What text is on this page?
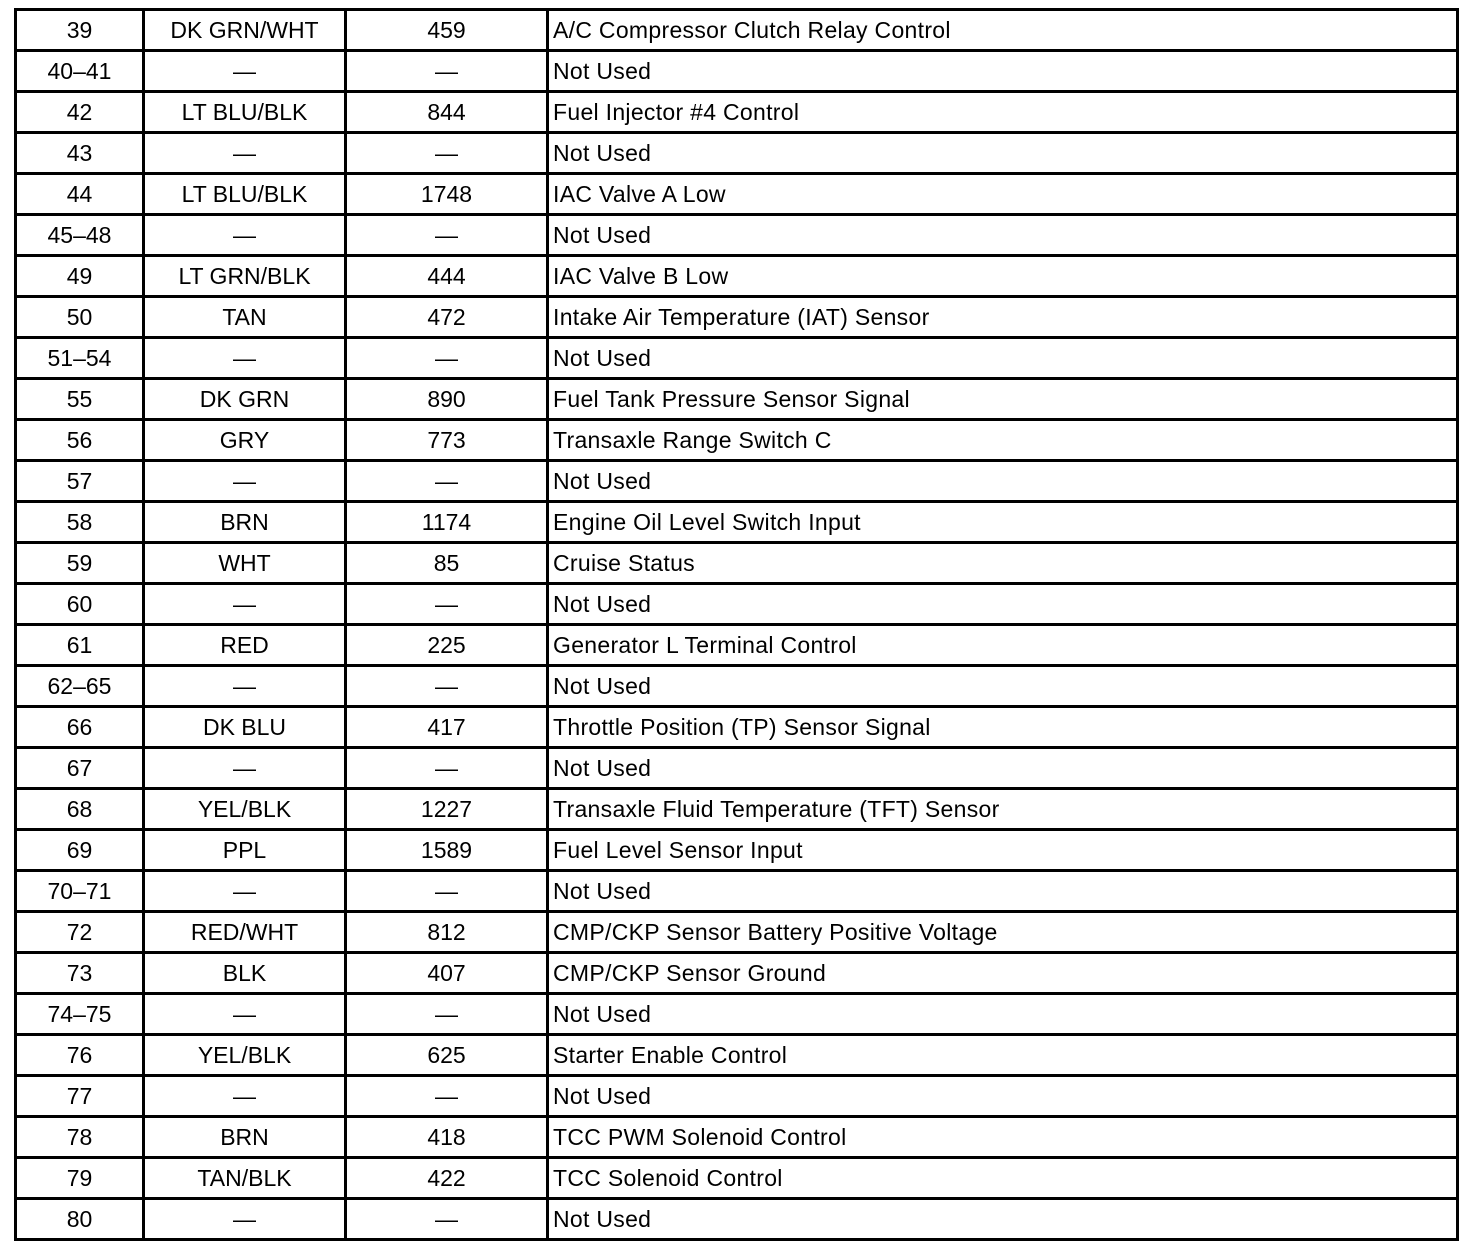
39	DK GRN/WHT	459	A/C Compressor Clutch Relay Control
40–41	—	—	Not Used
42	LT BLU/BLK	844	Fuel Injector #4 Control
43	—	—	Not Used
44	LT BLU/BLK	1748	IAC Valve A Low
45–48	—	—	Not Used
49	LT GRN/BLK	444	IAC Valve B Low
50	TAN	472	Intake Air Temperature (IAT) Sensor
51–54	—	—	Not Used
55	DK GRN	890	Fuel Tank Pressure Sensor Signal
56	GRY	773	Transaxle Range Switch C
57	—	—	Not Used
58	BRN	1174	Engine Oil Level Switch Input
59	WHT	85	Cruise Status
60	—	—	Not Used
61	RED	225	Generator L Terminal Control
62–65	—	—	Not Used
66	DK BLU	417	Throttle Position (TP) Sensor Signal
67	—	—	Not Used
68	YEL/BLK	1227	Transaxle Fluid Temperature (TFT) Sensor
69	PPL	1589	Fuel Level Sensor Input
70–71	—	—	Not Used
72	RED/WHT	812	CMP/CKP Sensor Battery Positive Voltage
73	BLK	407	CMP/CKP Sensor Ground
74–75	—	—	Not Used
76	YEL/BLK	625	Starter Enable Control
77	—	—	Not Used
78	BRN	418	TCC PWM Solenoid Control
79	TAN/BLK	422	TCC Solenoid Control
80	—	—	Not Used
